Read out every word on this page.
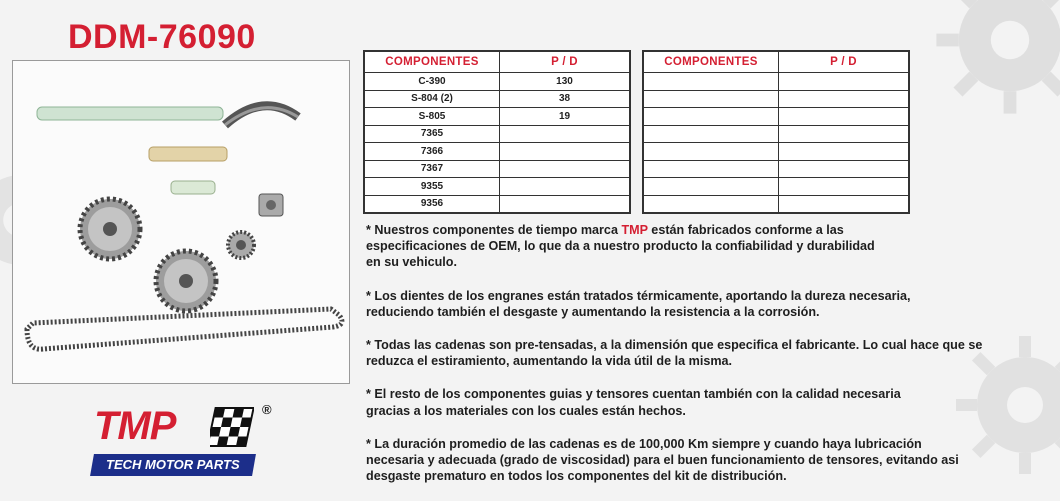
DDM-76090
COMPONENTES	P / D
C-390	130
S-804 (2)	38
S-805	19
7365	
7366	
7367	
9355	
9356	
COMPONENTES	P / D

* Nuestros componentes de tiempo marca TMP están fabricados conforme a las
especificaciones de OEM, lo que da a nuestro producto la confiabilidad y durabilidad
en su vehiculo.

* Los dientes de los engranes están tratados térmicamente, aportando la dureza necesaria,
reduciendo también el desgaste y aumentando la resistencia a la corrosión.

* Todas las cadenas son pre-tensadas, a la dimensión que especifica el fabricante. Lo cual hace que se
reduzca el estiramiento, aumentando la vida útil de la misma.

* El resto de los componentes guias y tensores cuentan también con la calidad necesaria
gracias a los materiales con los cuales están hechos.

* La duración promedio de las cadenas es de 100,000 Km siempre y cuando haya lubricación
necesaria y adecuada (grado de viscosidad) para el buen funcionamiento de tensores, evitando asi
desgaste prematuro en todos los componentes del kit de distribución.

TMP	®
TECH MOTOR PARTS
